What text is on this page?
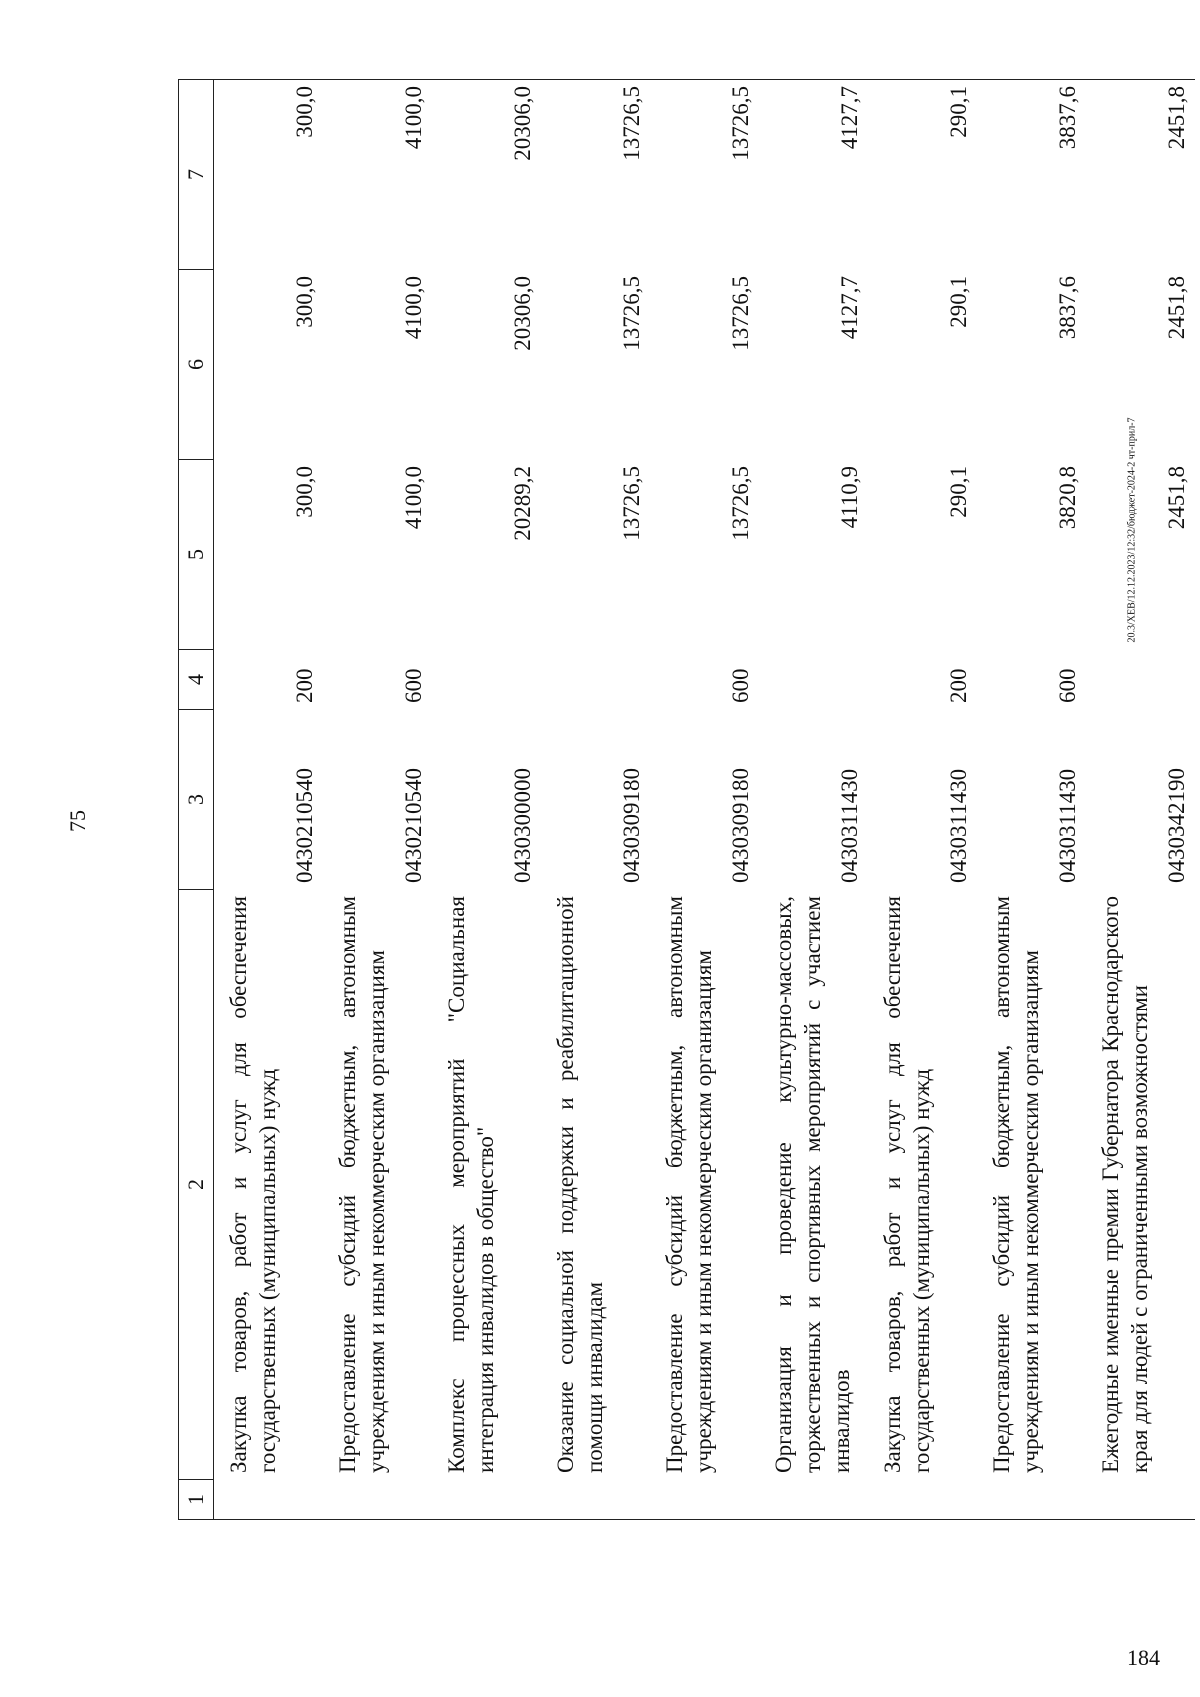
75
1	2	3	4	5	6	7
	Закупка товаров, работ и услуг для обеспечения государственных (муниципальных) нужд	0430210540	200	300,0	300,0	300,0
	Предоставление субсидий бюджетным, автономным учреждениям и иным некоммерческим организациям	0430210540	600	4100,0	4100,0	4100,0
	Комплекс процессных мероприятий "Социальная интеграция инвалидов в общество"	0430300000		20289,2	20306,0	20306,0
	Оказание социальной поддержки и реабилитационной помощи инвалидам	0430309180		13726,5	13726,5	13726,5
	Предоставление субсидий бюджетным, автономным учреждениям и иным некоммерческим организациям	0430309180	600	13726,5	13726,5	13726,5
	Организация и проведение культурно-массовых, торжественных и спортивных мероприятий с участием инвалидов	0430311430		4110,9	4127,7	4127,7
	Закупка товаров, работ и услуг для обеспечения государственных (муниципальных) нужд	0430311430	200	290,1	290,1	290,1
	Предоставление субсидий бюджетным, автономным учреждениям и иным некоммерческим организациям	0430311430	600	3820,8	3837,6	3837,6
	Ежегодные именные премии Губернатора Краснодарского края для людей с ограниченными возможностями	0430342190		2451,8	2451,8	2451,8
20.3/XEB/12.12.2023/12:32/бюджет-2024-2 чт-прил-7
184
